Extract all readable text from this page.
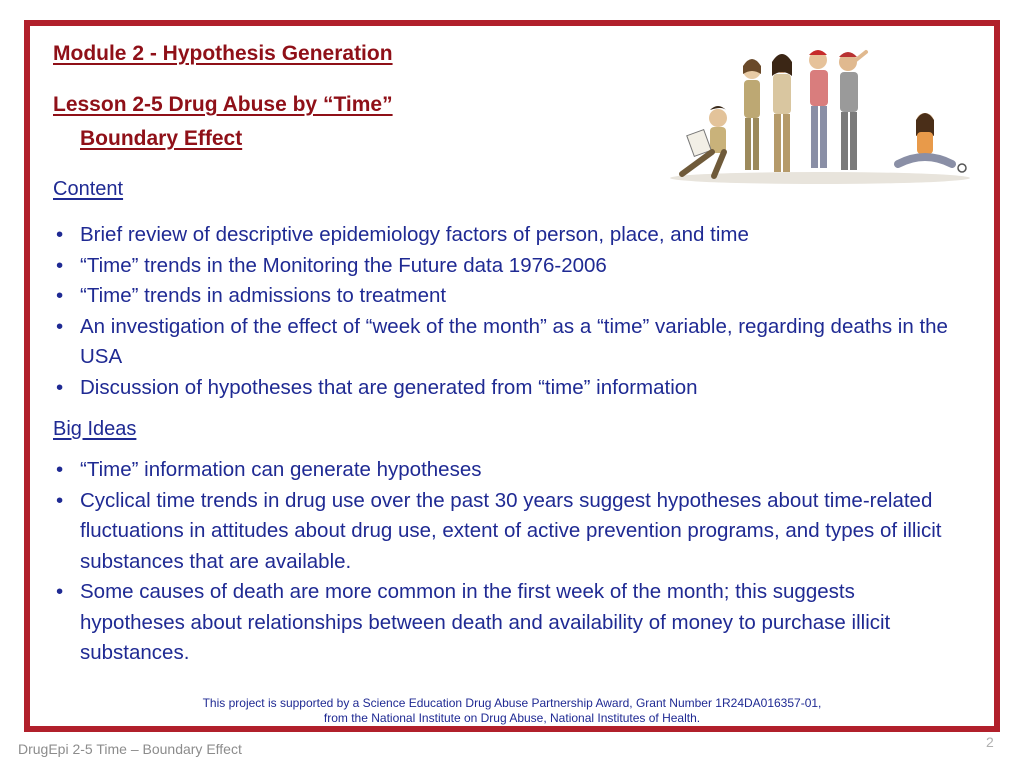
Module 2 - Hypothesis Generation
Lesson 2-5 Drug Abuse by “Time”
Boundary Effect
Content
• Brief review of descriptive epidemiology factors of person, place, and time
• “Time” trends in the Monitoring the Future data 1976-2006
• “Time” trends in admissions to treatment
• An investigation of the effect of “week of the month” as a “time” variable, regarding deaths in the USA
• Discussion of hypotheses that are generated from “time” information
Big Ideas
• “Time” information can generate hypotheses
• Cyclical time trends in drug use over the past 30 years suggest hypotheses about time-related fluctuations in attitudes about drug use, extent of active prevention programs, and types of illicit substances that are available.
• Some causes of death are more common in the first week of the month; this suggests hypotheses about relationships between death and availability of money to purchase illicit substances.
This project is supported by a Science Education Drug Abuse Partnership Award, Grant Number 1R24DA016357-01,
from the National Institute on Drug Abuse, National Institutes of Health.
DrugEpi 2-5 Time – Boundary Effect	2
